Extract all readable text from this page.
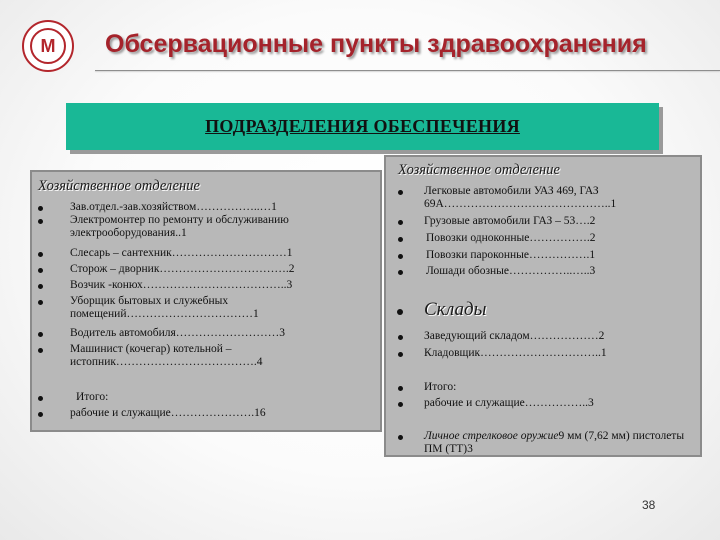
М	Обсервационные пункты здравоохранения
ПОДРАЗДЕЛЕНИЯ ОБЕСПЕЧЕНИЯ
Хозяйственное отделение
Зав.отдел.-зав.хозяйством……………..…1
Электромонтер по ремонту и обслуживанию электрооборудования..1
Слесарь – сантехник…………………………1
Сторож – дворник…………………………….2
Возчик -конюх………………………………..3
Уборщик бытовых и служебных помещений……………………………1
Водитель автомобиля………………………3
Машинист (кочегар) котельной – истопник……………………………….4
Итого:
рабочие и служащие………………….16
Хозяйственное отделение
Легковые автомобили УАЗ 469, ГАЗ 69А……………………………………..1
Грузовые автомобили ГАЗ – 53….2
Повозки одноконные…………….2
Повозки пароконные…………….1
Лошади обозные……………..…..3
Склады
Заведующий складом………………2
Кладовщик…………………………..1
Итого:
рабочие и служащие……………..3
Личное стрелковое оружие9 мм (7,62 мм) пистолеты ПМ (ТТ)3
38
